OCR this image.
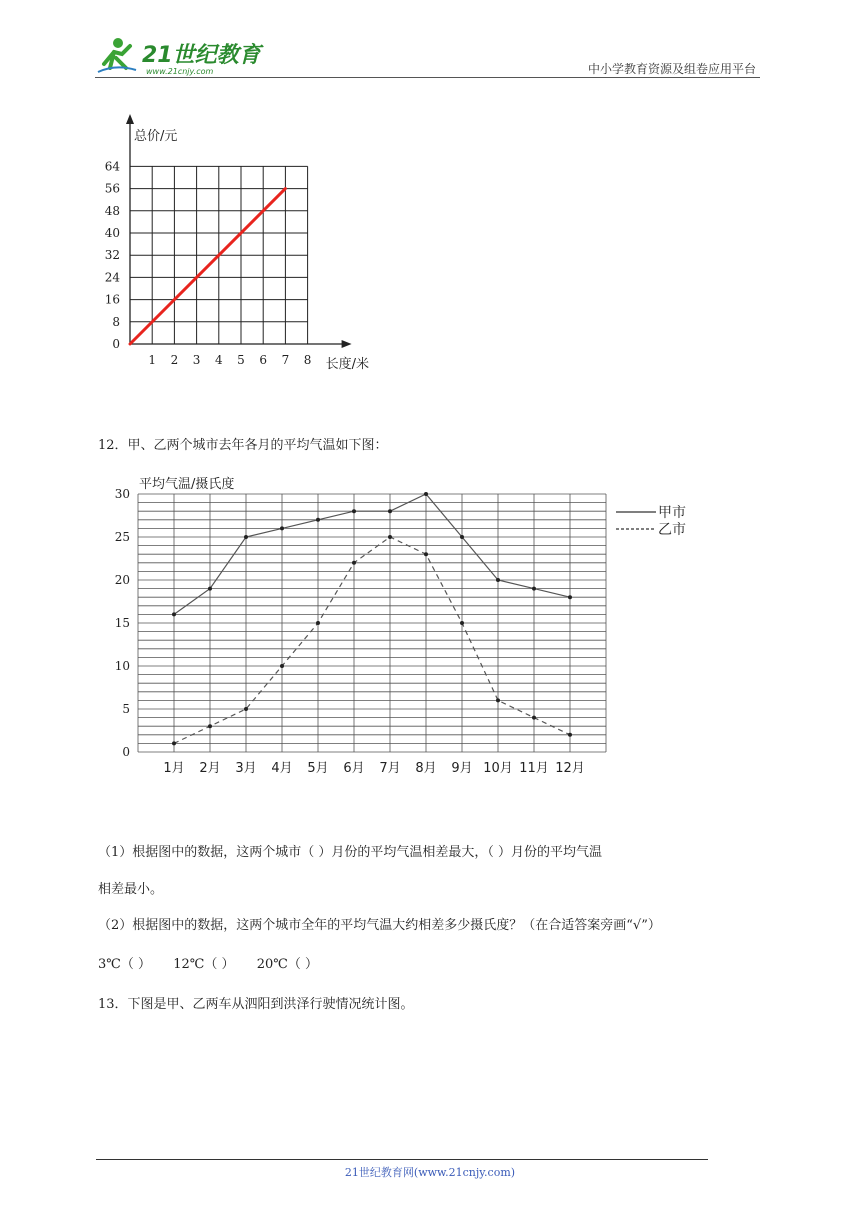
21世纪教育
www.21cnjy.com	中小学教育资源及组卷应用平台
总价/元
长度/米
0
8
16
24
32
40
48
56
64
1 2 3 4 5 6 7 8
12．甲、乙两个城市去年各月的平均气温如下图：
平均气温/摄氏度
0
5
10
15
20
25
30
1月 2月 3月 4月 5月 6月 7月 8月 9月 10月 11月 12月
甲市
乙市
（1）根据图中的数据，这两个城市（ ）月份的平均气温相差最大，（ ）月份的平均气温
相差最小。
（2）根据图中的数据，这两个城市全年的平均气温大约相差多少摄氏度？（在合适答案旁画“√”）
3℃（ ） 12℃（ ） 20℃（ ）
13．下图是甲、乙两车从泗阳到洪泽行驶情况统计图。
21世纪教育网(www.21cnjy.com)
